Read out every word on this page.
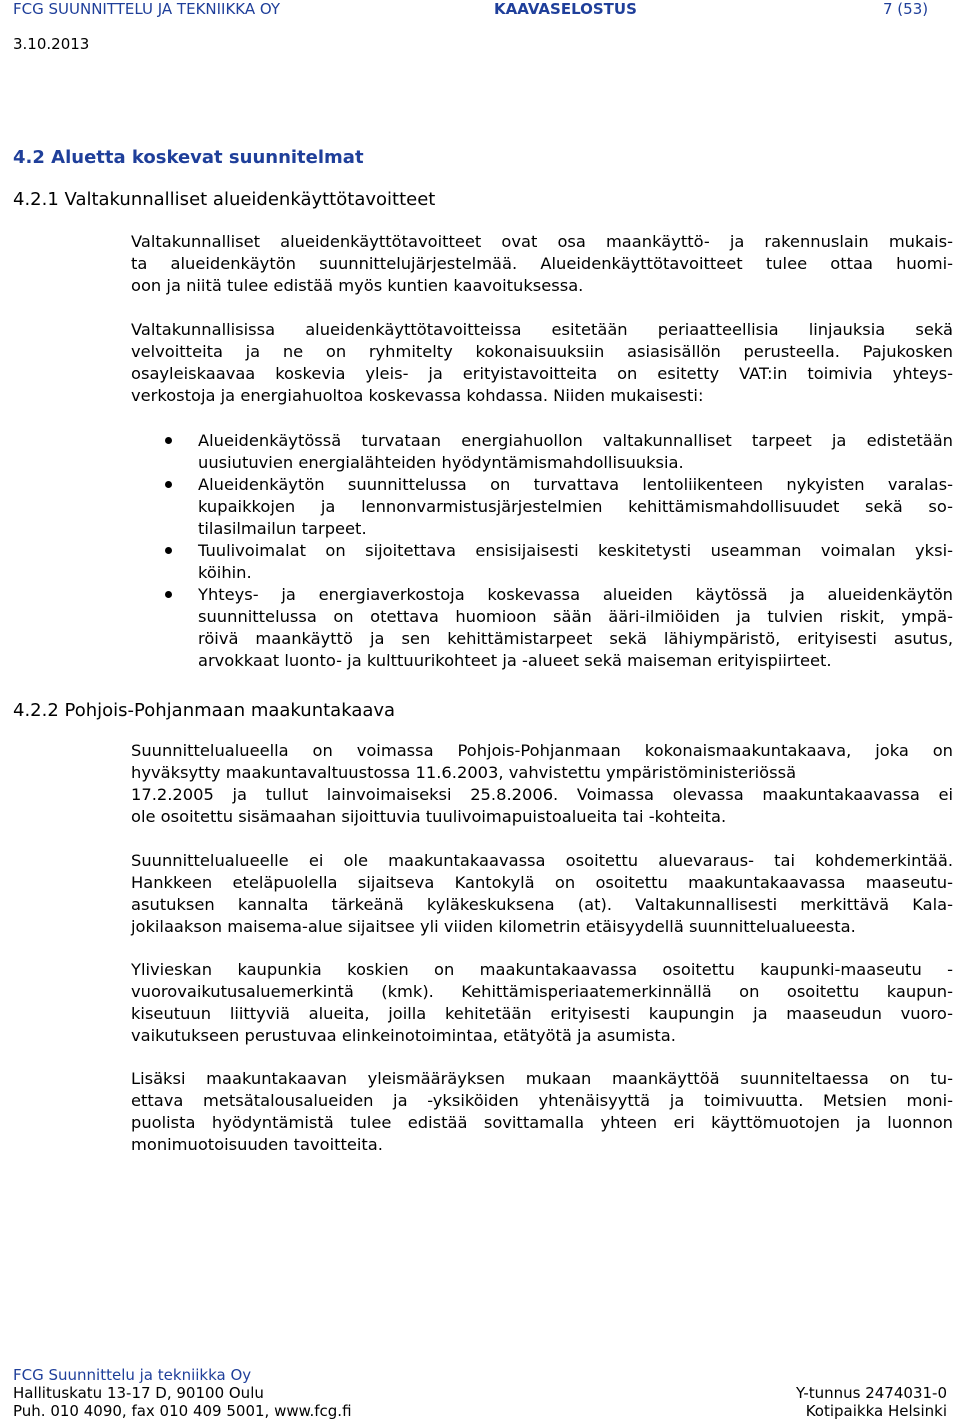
FCG SUUNNITTELU JA TEKNIIKKA OY	KAAVASELOSTUS	7 (53)
3.10.2013
4.2 Aluetta koskevat suunnitelmat
4.2.1 Valtakunnalliset alueidenkäyttötavoitteet
Valtakunnalliset alueidenkäyttötavoitteet ovat osa maankäyttö- ja rakennuslain mukais-
ta alueidenkäytön suunnittelujärjestelmää. Alueidenkäyttötavoitteet tulee ottaa huomi-
oon ja niitä tulee edistää myös kuntien kaavoituksessa.
Valtakunnallisissa alueidenkäyttötavoitteissa esitetään periaatteellisia linjauksia sekä
velvoitteita ja ne on ryhmitelty kokonaisuuksiin asiasisällön perusteella. Pajukosken
osayleiskaavaa koskevia yleis- ja erityistavoitteita on esitetty VAT:in toimivia yhteys-
verkostoja ja energiahuoltoa koskevassa kohdassa. Niiden mukaisesti:
Alueidenkäytössä turvataan energiahuollon valtakunnalliset tarpeet ja edistetään
uusiutuvien energialähteiden hyödyntämismahdollisuuksia.
Alueidenkäytön suunnittelussa on turvattava lentoliikenteen nykyisten varalas-
kupaikkojen ja lennonvarmistusjärjestelmien kehittämismahdollisuudet sekä so-
tilasilmailun tarpeet.
Tuulivoimalat on sijoitettava ensisijaisesti keskitetysti useamman voimalan yksi-
köihin.
Yhteys- ja energiaverkostoja koskevassa alueiden käytössä ja alueidenkäytön
suunnittelussa on otettava huomioon sään ääri-ilmiöiden ja tulvien riskit, ympä-
röivä maankäyttö ja sen kehittämistarpeet sekä lähiympäristö, erityisesti asutus,
arvokkaat luonto- ja kulttuurikohteet ja -alueet sekä maiseman erityispiirteet.
4.2.2 Pohjois-Pohjanmaan maakuntakaava
Suunnittelualueella on voimassa Pohjois-Pohjanmaan kokonaismaakuntakaava, joka on
hyväksytty maakuntavaltuustossa 11.6.2003, vahvistettu ympäristöministeriössä
17.2.2005 ja tullut lainvoimaiseksi 25.8.2006. Voimassa olevassa maakuntakaavassa ei
ole osoitettu sisämaahan sijoittuvia tuulivoimapuistoalueita tai -kohteita.
Suunnittelualueelle ei ole maakuntakaavassa osoitettu aluevaraus- tai kohdemerkintää.
Hankkeen eteläpuolella sijaitseva Kantokylä on osoitettu maakuntakaavassa maaseutu-
asutuksen kannalta tärkeänä kyläkeskuksena (at). Valtakunnallisesti merkittävä Kala-
jokilaakson maisema-alue sijaitsee yli viiden kilometrin etäisyydellä suunnittelualueesta.
Ylivieskan kaupunkia koskien on maakuntakaavassa osoitettu kaupunki-maaseutu -
vuorovaikutusaluemerkintä (kmk). Kehittämisperiaatemerkinnällä on osoitettu kaupun-
kiseutuun liittyviä alueita, joilla kehitetään erityisesti kaupungin ja maaseudun vuoro-
vaikutukseen perustuvaa elinkeinotoimintaa, etätyötä ja asumista.
Lisäksi maakuntakaavan yleismääräyksen mukaan maankäyttöä suunniteltaessa on tu-
ettava metsätalousalueiden ja -yksiköiden yhtenäisyyttä ja toimivuutta. Metsien moni-
puolista hyödyntämistä tulee edistää sovittamalla yhteen eri käyttömuotojen ja luonnon
monimuotoisuuden tavoitteita.
FCG Suunnittelu ja tekniikka Oy
Hallituskatu 13-17 D, 90100 Oulu
Puh. 010 4090, fax 010 409 5001, www.fcg.fi
Y-tunnus 2474031-0
Kotipaikka Helsinki
